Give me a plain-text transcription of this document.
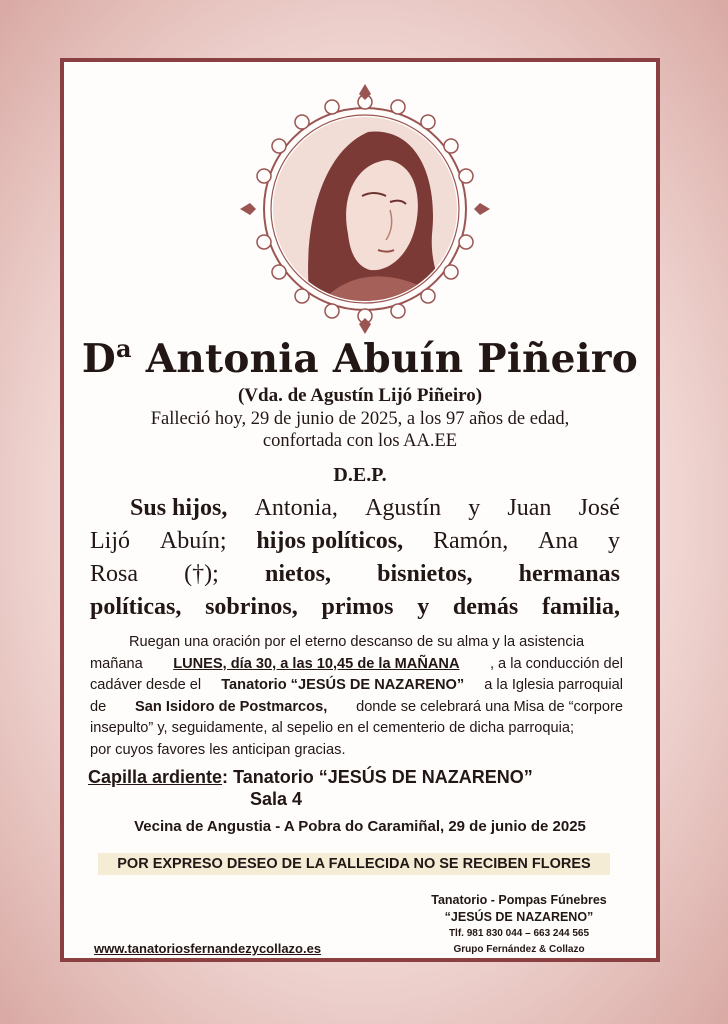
$D^a$ Antonia Abuín Piñeiro
(Vda. de Agustín Lijó Piñeiro)
Falleció hoy, 29 de junio de 2025, a los 97 años de edad,
confortada con los AA.EE
D.E.P.
Sus hijos, Antonia, Agustín y Juan José
Lijó Abuín; hijos políticos, Ramón, Ana y
Rosa (†); nietos, bisnietos, hermanas
políticas, sobrinos, primos y demás familia,
Ruegan una oración por el eterno descanso de su alma y la asistencia
mañana LUNES, día 30, a las 10,45 de la MAÑANA , a la conducción del
cadáver desde el Tanatorio “JESÚS DE NAZARENO” a la Iglesia parroquial
de San Isidoro de Postmarcos, donde se celebrará una Misa de “corpore
insepulto” y, seguidamente, al sepelio en el cementerio de dicha parroquia;
por cuyos favores les anticipan gracias.
Capilla ardiente: Tanatorio “JESÚS DE NAZARENO”
Sala 4
Vecina de Angustia - A Pobra do Caramiñal, 29 de junio de 2025
POR EXPRESO DESEO DE LA FALLECIDA NO SE RECIBEN FLORES
Tanatorio - Pompas Fúnebres
“JESÚS DE NAZARENO”
Tlf. 981 830 044 – 663 244 565
Grupo Fernández & Collazo
www.tanatoriosfernandezycollazo.es
